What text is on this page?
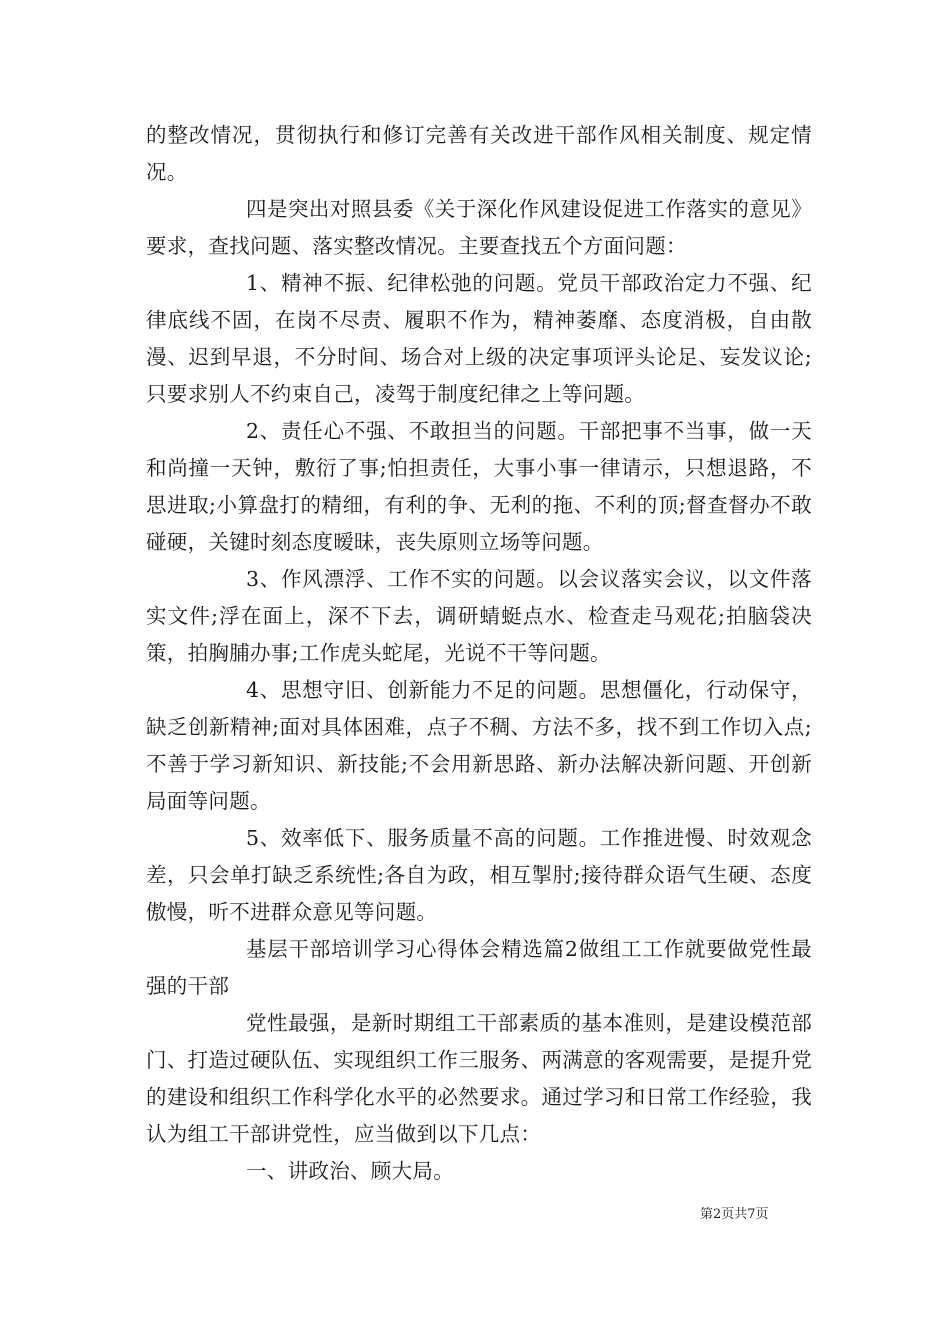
的整改情况，贯彻执行和修订完善有关改进干部作风相关制度、规定情况。

四是突出对照县委《关于深化作风建设促进工作落实的意见》要求，查找问题、落实整改情况。主要查找五个方面问题：

1、精神不振、纪律松弛的问题。党员干部政治定力不强、纪律底线不固，在岗不尽责、履职不作为，精神萎靡、态度消极，自由散漫、迟到早退，不分时间、场合对上级的决定事项评头论足、妄发议论;只要求别人不约束自己，凌驾于制度纪律之上等问题。

2、责任心不强、不敢担当的问题。干部把事不当事，做一天和尚撞一天钟，敷衍了事;怕担责任，大事小事一律请示，只想退路，不思进取;小算盘打的精细，有利的争、无利的拖、不利的顶;督查督办不敢碰硬，关键时刻态度暧昧，丧失原则立场等问题。

3、作风漂浮、工作不实的问题。以会议落实会议，以文件落实文件;浮在面上，深不下去，调研蜻蜓点水、检查走马观花;拍脑袋决策，拍胸脯办事;工作虎头蛇尾，光说不干等问题。

4、思想守旧、创新能力不足的问题。思想僵化，行动保守，缺乏创新精神;面对具体困难，点子不稠、方法不多，找不到工作切入点;不善于学习新知识、新技能;不会用新思路、新办法解决新问题、开创新局面等问题。

5、效率低下、服务质量不高的问题。工作推进慢、时效观念差，只会单打缺乏系统性;各自为政，相互掣肘;接待群众语气生硬、态度傲慢，听不进群众意见等问题。

基层干部培训学习心得体会精选篇2做组工工作就要做党性最强的干部

党性最强，是新时期组工干部素质的基本准则，是建设模范部门、打造过硬队伍、实现组织工作三服务、两满意的客观需要，是提升党的建设和组织工作科学化水平的必然要求。通过学习和日常工作经验，我认为组工干部讲党性，应当做到以下几点：

一、讲政治、顾大局。

第2页共7页
